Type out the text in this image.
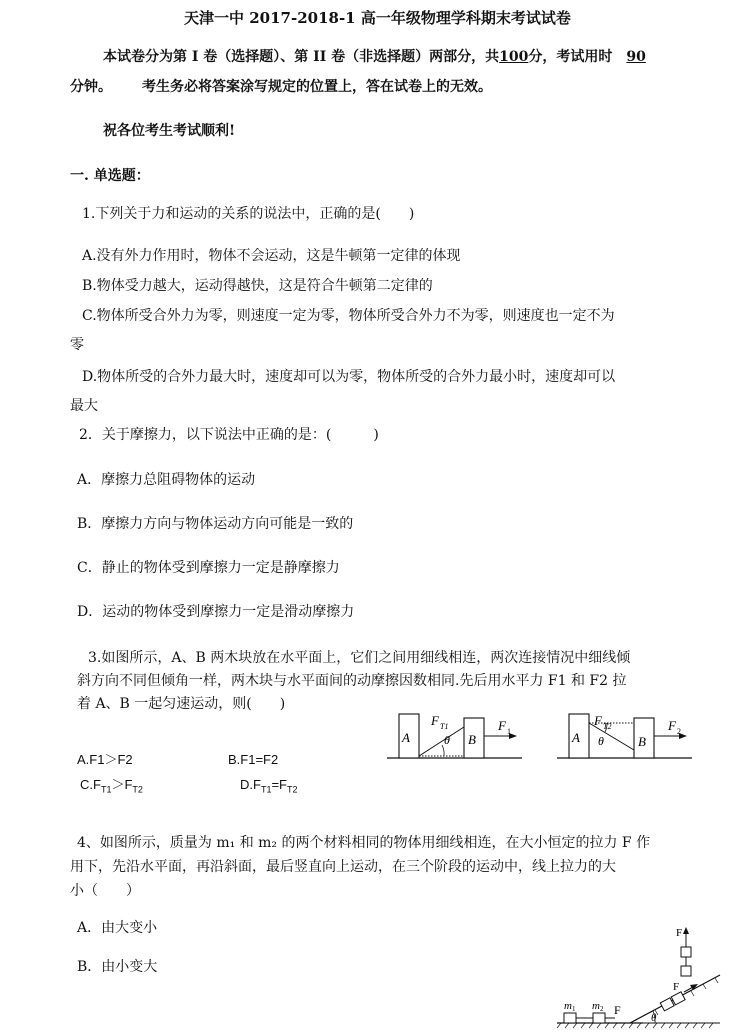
天津一中 2017-2018-1 高一年级物理学科期末考试试卷
本试卷分为第 I 卷（选择题）、第 II 卷（非选择题）两部分，共100分，考试用时 90
分钟。 考生务必将答案涂写规定的位置上，答在试卷上的无效。
祝各位考生考试顺利!
一. 单选题：
1.下列关于力和运动的关系的说法中，正确的是(　　)
A.没有外力作用时，物体不会运动，这是牛顿第一定律的体现
B.物体受力越大，运动得越快，这是符合牛顿第二定律的
C.物体所受合外力为零，则速度一定为零，物体所受合外力不为零，则速度也一定不为
零
D.物体所受的合外力最大时，速度却可以为零，物体所受的合外力最小时，速度却可以
最大
2．关于摩擦力，以下说法中正确的是：(　　　)
A．摩擦力总阻碍物体的运动
B．摩擦力方向与物体运动方向可能是一致的
C．静止的物体受到摩擦力一定是静摩擦力
D．运动的物体受到摩擦力一定是滑动摩擦力
3.如图所示，A、B 两木块放在水平面上，它们之间用细线相连，两次连接情况中细线倾
斜方向不同但倾角一样，两木块与水平面间的动摩擦因数相同.先后用水平力 F1 和 F2 拉
着 A、B 一起匀速运动，则(　　)
A.F1＞F2	B.F1=F2
$C.F_{T1}>F_{T2}$	$D.F_{T1}=F_{T2}$
A	B
F T1
θ
F 1	A	B
F T2
θ
F 2
4、如图所示，质量为 m₁ 和 m₂ 的两个材料相同的物体用细线相连，在大小恒定的拉力 F 作
用下，先沿水平面，再沿斜面，最后竖直向上运动，在三个阶段的运动中，线上拉力的大
小（　　）
A．由大变小
B．由小变大
m 1 m 2 F
F
F
θ
